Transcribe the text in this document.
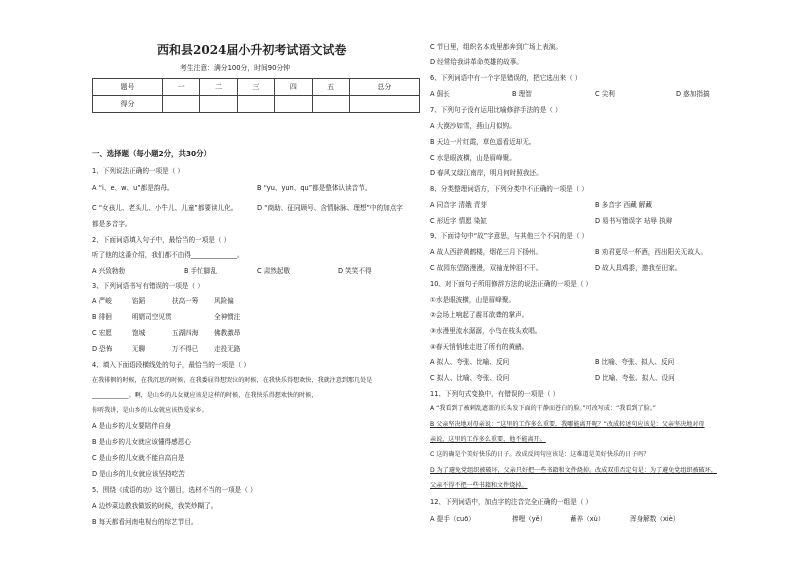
西和县2024届小升初考试语文试卷
考生注意：满分100分，时间90分钟
题号	一	二	三	四	五	总分
得分						
一、选择题（每小题2分，共30分）
1、下列说法正确的一项是（ ）
A “i、e、w、u”都是韵母。	B “yu、yun、qu”都是整体认读音节。
C “女孩儿、老头儿、小牛儿、儿童”都要读儿化。	D “商助、征同顾号、含情脉脉、理想”中的加点字
都是多音字。
2、下面词语填入句子中，最恰当的一项是（ ）
听了他的这番介绍，我们都不由得______________。
A 兴致勃勃	B 手忙脚乱	C 肃然起敬	D 笑笑不得
3、下列词语书写有错误的一项是（ ）
A 严峻	馅蹈	扶高一筹 风险偏
B 徘徊	明婿司空见贯	全神惯注
C 宏愿	饱城	五湖四海 佛教激昂
D 恐怖	无聊	万不得已 走投无路
4、填入下面语段横线处的句子，最恰当的一项是（ ）
在我徘徊的时候，在我沉思的时候，在我委屈得想哭泣的时候，在我快乐得想欢快，我就注意到那几处是
____________。啊，是山乡的儿女就应该是这样的时候，在我快乐得想欢快的时候，
你听我讲，是山乡的儿女就应该热爱家乡。
A 是山乡的儿女要陪伴自身
B 是山乡的儿女就应该懂得感恩心
C 是山乡的儿女就不能自高自是
D 是山乡的儿女就应该坚持吃苦
5、围绕《成语的功》这个题目，选材不当的一项是（ ）
A 边炒菜边教我做饭的时候，我笑炒糊了。
B 每天都看河南电视台的综艺节目。
C 节日里，组织名本戏里都奔到广场上表演。
D 经常给我讲革命英雄的故事。
6、下列词语中有一个字是错误的，把它选出来（ ）
A 倔长	B 理智	C 尖利	D 惑加指搞
7、下列句子没有运用比喻修辞手法的是（ ）
A 大漠沙如雪，燕山月似钩。
B 天边一片红霞，草色遥看近却无。
C 水是眼波横，山是眉峰聚。
D 春风又绿江南岸，明月何时照我还。
8、分类整理词语方，下列分类中不正确的一项是（ ）
A 同音字 清娥 青芽	B 多音字 西藏 解藏
C 形近字 情愿 染缸	D 易书写错误字 玷辱 执辩
9、下面诗句中“故”字意思，与其他三个不同的是（ ）
A 故人西辞黄鹤楼，烟花三月下扬州。	B 劝君更尽一杯酒，西出阳关无故人。
C 故园东望路漫漫，双袖龙钟泪不干。	D 故人具鸡黍，邀我至田家。
10、对下面句子所用修辞方法的说法正确的一项是（ ）
①水是眼波横，山是眉峰聚。
②会场上响起了震耳欲聋的掌声。
③水漫里流水潺潺，小鸟在枝头欢唱。
④春天悄悄地走进了所有的黄鹂。
A 拟人、夸张、比喻、反问	B 比喻、夸张、拟人、反问
C 拟人、比喻、夸张、设问	D 比喻、夸张、拟人、设问
11、下列句式变换中，有错误的一项是（ ）
A “我看到了被刺乱遮盖的长头发下面的干静而苍白的脸。”可改写成：“我看到了脸。”
B 父亲坚决地对母亲说：“这里的工作多么重要，我哪能离开呢？”改成转述句应该是：父亲坚决地对母
亲说，这里的工作多么重要，他不能离开。
C 这的确是个美好快乐的日子。改成反问句应该是：这难道是美好快乐的日子吗？
D 为了避免党组织被破坏，父亲只好把一些书籍和文件烧掉。改成双重否定句是：为了避免党组织被破坏，
父亲不得不把一些书籍和文件烧掉。
12、下列词语中，加点字的注音完全正确的一组是（ ）
A 提手（cuō）	捧哩（yě）	蓄养（xù）	浑身解数（xiè）
